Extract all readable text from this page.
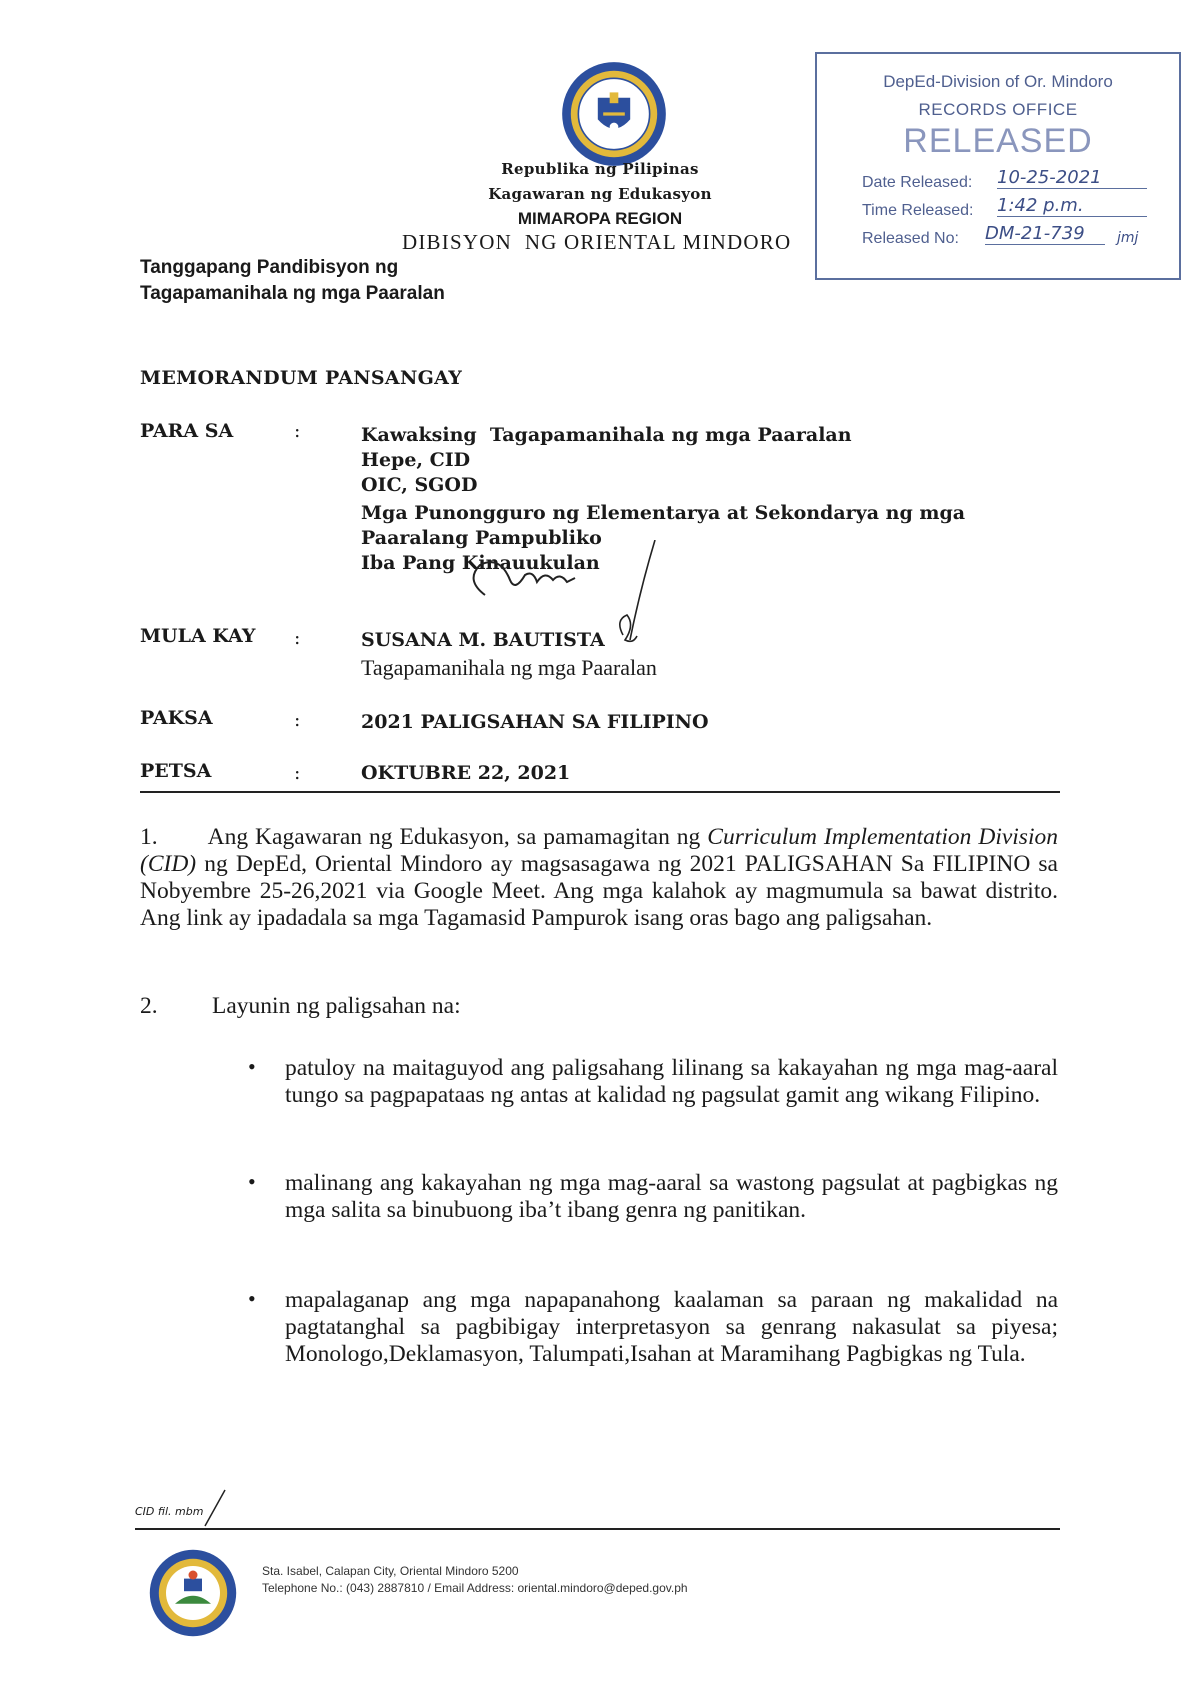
Republika ng Pilipinas
Kagawaran ng Edukasyon
MIMAROPA REGION
DIBISYON  NG ORIENTAL MINDORO
Tanggapang Pandibisyon ng
Tagapamanihala ng mga Paaralan
DepEd-Division of Or. Mindoro
RECORDS OFFICE
RELEASED
Date Released: 10-25-2021
Time Released: 1:42 p.m.
Released No: DM-21-739	jmj
MEMORANDUM PANSANGAY
PARA SA	:	Kawaksing  Tagapamanihala ng mga Paaralan
Hepe, CID
OIC, SGOD
Mga Punongguro ng Elementarya at Sekondarya ng mga
Paaralang Pampubliko
Iba Pang Kinauukulan
MULA KAY :	SUSANA M. BAUTISTA
Tagapamanihala ng mga Paaralan
PAKSA	:	2021 PALIGSAHAN SA FILIPINO
PETSA	:	OKTUBRE 22, 2021
1. Ang Kagawaran ng Edukasyon, sa pamamagitan ng Curriculum Implementation Division (CID) ng DepEd, Oriental Mindoro ay magsasagawa ng 2021 PALIGSAHAN Sa FILIPINO sa Nobyembre 25-26,2021 via Google Meet. Ang mga kalahok ay magmumula sa bawat distrito. Ang link ay ipadadala sa mga Tagamasid Pampurok isang oras bago ang paligsahan.
2. Layunin ng paligsahan na:
• patuloy na maitaguyod ang paligsahang lilinang sa kakayahan ng mga mag-aaral tungo sa pagpapataas ng antas at kalidad ng pagsulat gamit ang wikang Filipino.
• malinang ang kakayahan ng mga mag-aaral sa wastong pagsulat at pagbigkas ng mga salita sa binubuong iba’t ibang genra ng panitikan.
• mapalaganap ang mga napapanahong kaalaman sa paraan ng makalidad na pagtatanghal sa pagbibigay interpretasyon sa genrang nakasulat sa piyesa; Monologo,Deklamasyon, Talumpati,Isahan at Maramihang Pagbigkas ng Tula.
CID fil. mbm
Sta. Isabel, Calapan City, Oriental Mindoro 5200
Telephone No.: (043) 2887810 / Email Address: oriental.mindoro@deped.gov.ph
